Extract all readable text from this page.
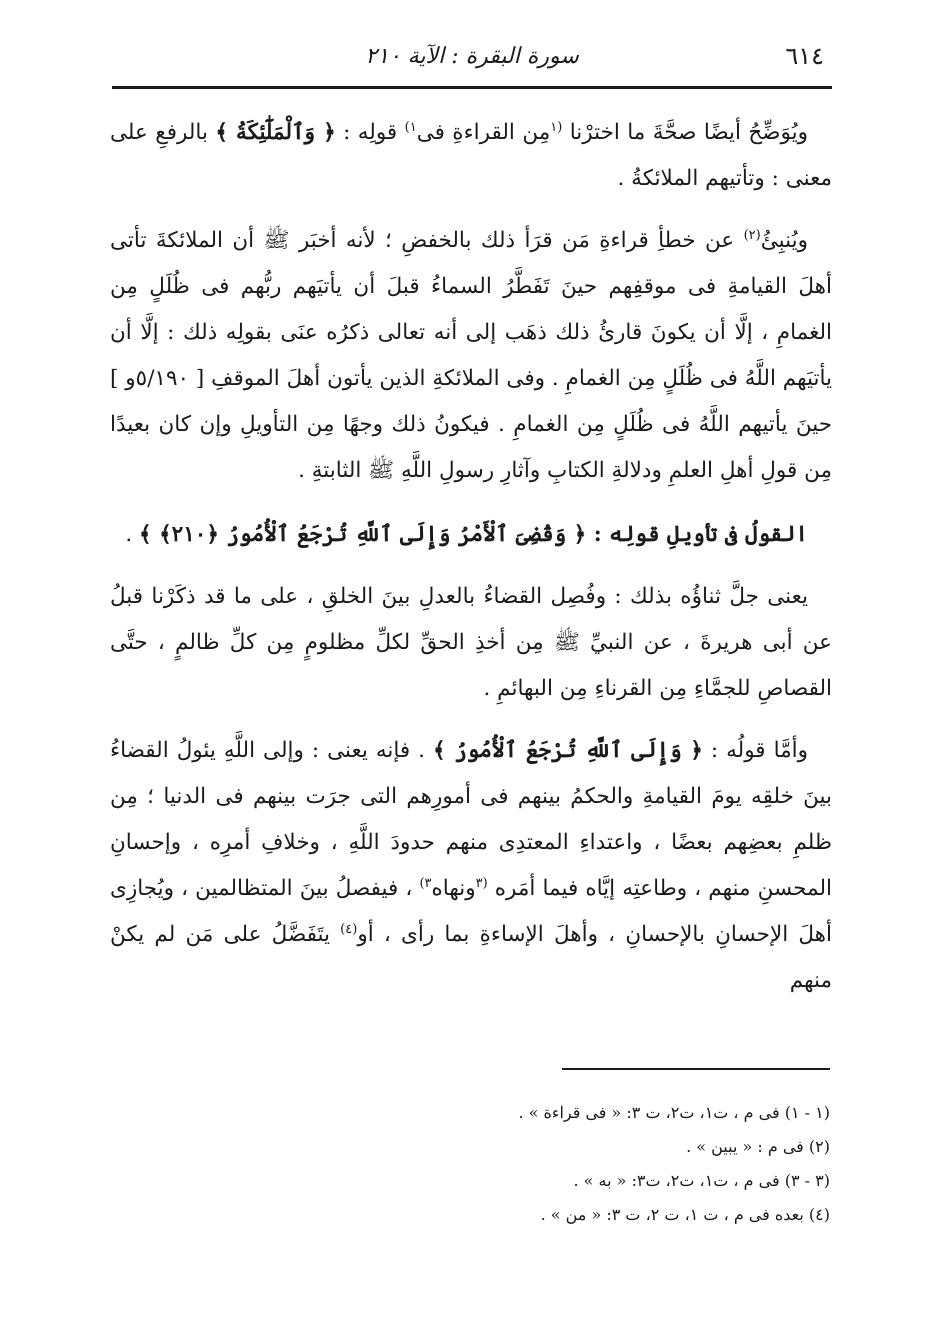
٦١٤
سورة البقرة : الآية ٢١٠

ويُوَضِّحُ أيضًا صحَّةَ ما اخترْنا $^{(١}$مِن القراءةِ فى$^{١)}$ قولِه : ﴿ وَٱلْمَلَٰٓئِكَةُ ﴾ بالرفعِ على معنى : وتأتيهم الملائكةُ .

ويُنبِئُ$^{(٢)}$ عن خطأِ قراءةِ مَن قرَأ ذلك بالخفضِ ؛ لأنه أخبَر ﷺ أن الملائكةَ تأتى أهلَ القيامةِ فى موقفِهم حينَ تَفَطَّرُ السماءُ قبلَ أن يأتيَهم ربُّهم فى ظُلَلٍ مِن الغمامِ ، إلَّا أن يكونَ قارئُ ذلك ذهَب إلى أنه تعالى ذكرُه عنَى بقولِه ذلك : إلَّا أن يأتيَهم اللَّهُ فى ظُلَلٍ مِن الغمامِ . وفى الملائكةِ الذين يأتون أهلَ الموقفِ [ ٥/١٩٠و ] حينَ يأتيهم اللَّهُ فى ظُلَلٍ مِن الغمامِ . فيكونُ ذلك وجهًا مِن التأويلِ وإن كان بعيدًا مِن قولِ أهلِ العلمِ ودلالةِ الكتابِ وآثارِ رسولِ اللَّهِ ﷺ الثابتةِ .

القولُ فى تأويلِ قولِه : ﴿ وَقُضِىَ ٱلْأَمْرُ وَإِلَى ٱللَّهِ تُرْجَعُ ٱلْأُمُورُ ﴿٢١٠﴾ ﴾ .

يعنى جلَّ ثناؤُه بذلك : وفُصِل القضاءُ بالعدلِ بينَ الخلقِ ، على ما قد ذكَرْنا قبلُ عن أبى هريرةَ ، عن النبيِّ ﷺ مِن أخذِ الحقِّ لكلِّ مظلومٍ مِن كلِّ ظالمٍ ، حتَّى القصاصِ للجمَّاءِ مِن القرناءِ مِن البهائمِ .

وأمَّا قولُه : ﴿ وَإِلَى ٱللَّهِ تُرْجَعُ ٱلْأُمُورُ ﴾ . فإنه يعنى : وإلى اللَّهِ يئولُ القضاءُ بينَ خلقِه يومَ القيامةِ والحكمُ بينهم فى أمورِهم التى جرَت بينهم فى الدنيا ؛ مِن ظلمِ بعضِهم بعضًا ، واعتداءِ المعتدِى منهم حدودَ اللَّهِ ، وخلافِ أمرِه ، وإحسانِ المحسنِ منهم ، وطاعتِه إيَّاه فيما أمَره $^{(٣}$ونهاه$^{٣)}$ ، فيفصلُ بينَ المتظالمين ، ويُجازِى أهلَ الإحسانِ بالإحسانِ ، وأهلَ الإساءةِ بما رأى ، أو$^{(٤)}$ يتَفَضَّلُ على مَن لم يكنْ منهم

(١ - ١) فى م ، ت١، ت٢، ت ٣: « فى قراءة » .

(٢) فى م : « يبين » .

(٣ - ٣) فى م ، ت١، ت٢، ت٣: « به » .

(٤) بعده فى م ، ت ١، ت ٢، ت ٣: « من » .
